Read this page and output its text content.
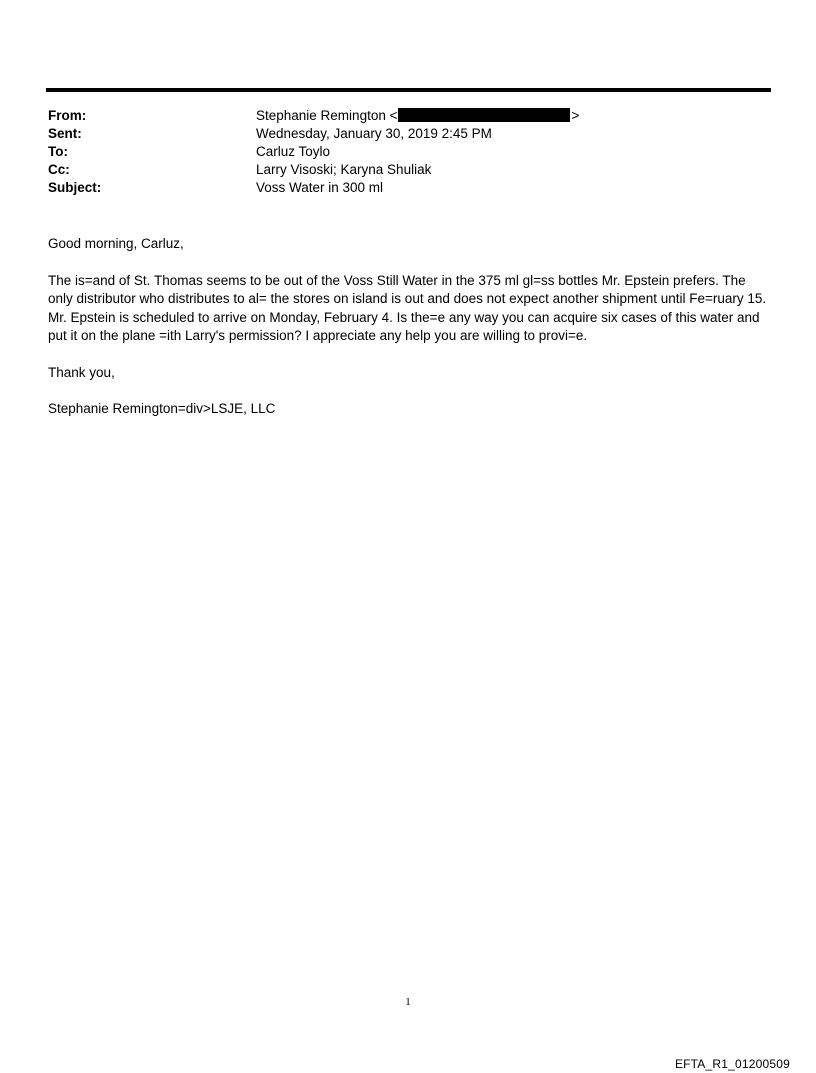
From:	Stephanie Remington <	>
Sent:	Wednesday, January 30, 2019 2:45 PM
To:	Carluz Toylo
Cc:	Larry Visoski; Karyna Shuliak
Subject:	Voss Water in 300 ml

Good morning, Carluz,

The is=and of St. Thomas seems to be out of the Voss Still Water in the 375 ml gl=ss bottles Mr. Epstein prefers. The only distributor who distributes to al= the stores on island is out and does not expect another shipment until Fe=ruary 15. Mr. Epstein is scheduled to arrive on Monday, February 4. Is the=e any way you can acquire six cases of this water and put it on the plane =ith Larry's permission? I appreciate any help you are willing to provi=e.

Thank you,

Stephanie Remington=div>LSJE, LLC

1
EFTA_R1_01200509
